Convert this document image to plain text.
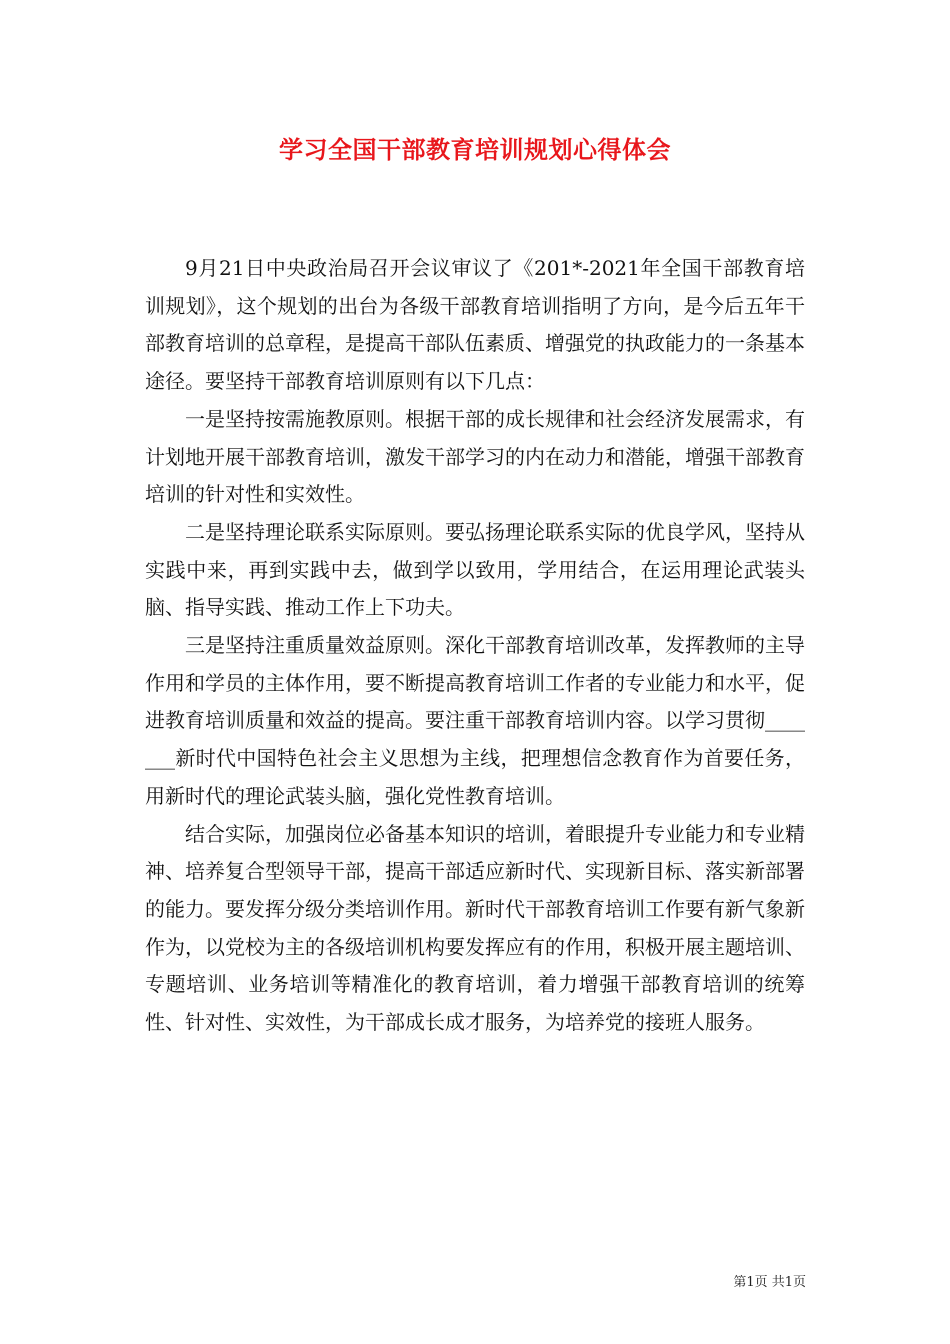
学习全国干部教育培训规划心得体会

9月21日中央政治局召开会议审议了《201*-2021年全国干部教育培训规划》，这个规划的出台为各级干部教育培训指明了方向，是今后五年干部教育培训的总章程，是提高干部队伍素质、增强党的执政能力的一条基本途径。要坚持干部教育培训原则有以下几点：

一是坚持按需施教原则。根据干部的成长规律和社会经济发展需求，有计划地开展干部教育培训，激发干部学习的内在动力和潜能，增强干部教育培训的针对性和实效性。

二是坚持理论联系实际原则。要弘扬理论联系实际的优良学风，坚持从实践中来，再到实践中去，做到学以致用，学用结合，在运用理论武装头脑、指导实践、推动工作上下功夫。

三是坚持注重质量效益原则。深化干部教育培训改革，发挥教师的主导作用和学员的主体作用，要不断提高教育培训工作者的专业能力和水平，促进教育培训质量和效益的提高。要注重干部教育培训内容。以学习贯彻_______新时代中国特色社会主义思想为主线，把理想信念教育作为首要任务，用新时代的理论武装头脑，强化党性教育培训。

结合实际，加强岗位必备基本知识的培训，着眼提升专业能力和专业精神、培养复合型领导干部，提高干部适应新时代、实现新目标、落实新部署的能力。要发挥分级分类培训作用。新时代干部教育培训工作要有新气象新作为，以党校为主的各级培训机构要发挥应有的作用，积极开展主题培训、专题培训、业务培训等精准化的教育培训，着力增强干部教育培训的统筹性、针对性、实效性，为干部成长成才服务，为培养党的接班人服务。

第1页 共1页
